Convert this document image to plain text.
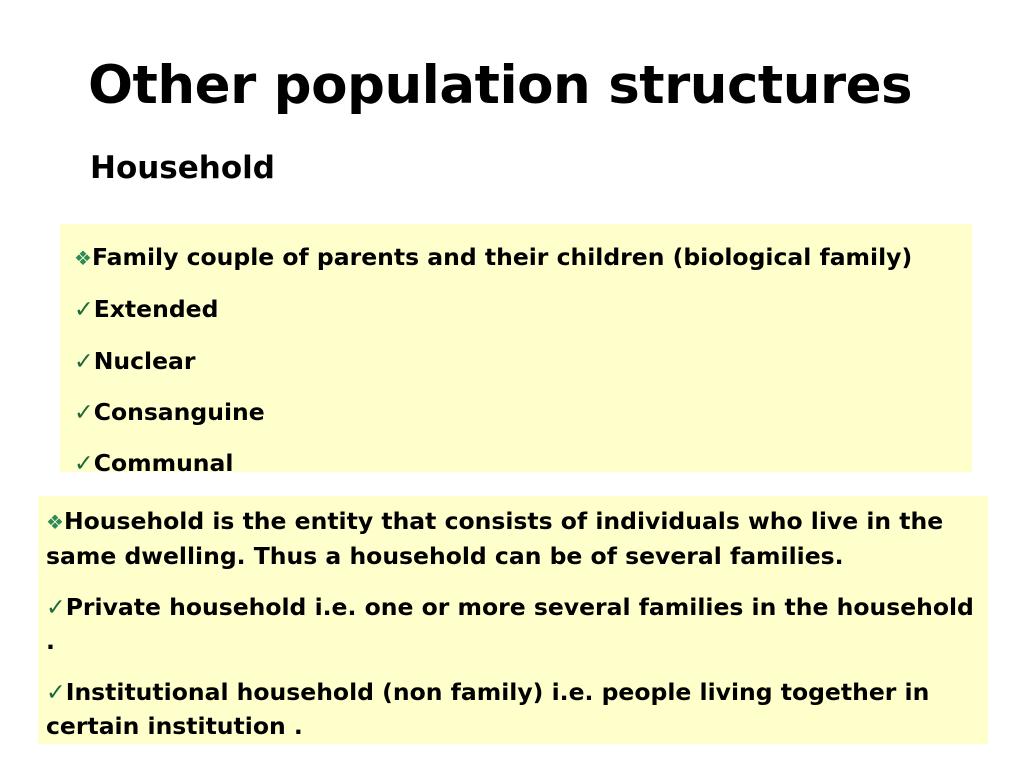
Other population structures
Household
❖Family couple of parents and their children (biological family)
✓Extended
✓Nuclear
✓Consanguine
✓Communal
❖Household is the entity that consists of individuals who live in the same dwelling. Thus a household can be of several families.
✓Private household i.e. one or more several families in the household .
✓Institutional household (non family) i.e. people living together in certain institution .
